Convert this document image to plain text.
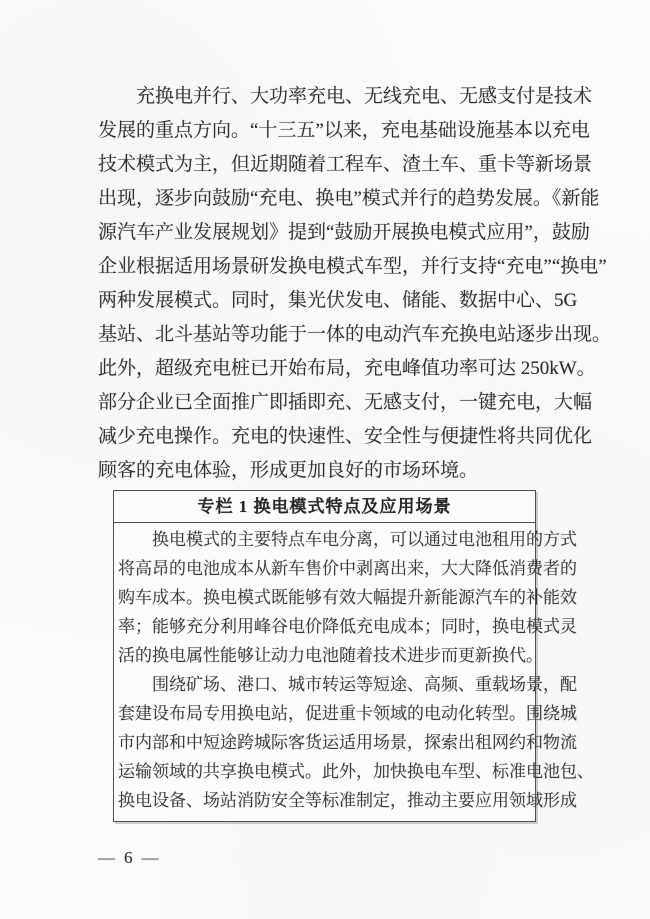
充换电并行、大功率充电、无线充电、无感支付是技术
发展的重点方向。“十三五”以来，充电基础设施基本以充电
技术模式为主，但近期随着工程车、渣土车、重卡等新场景
出现，逐步向鼓励“充电、换电”模式并行的趋势发展。《新能
源汽车产业发展规划》提到“鼓励开展换电模式应用”，鼓励
企业根据适用场景研发换电模式车型，并行支持“充电”“换电”
两种发展模式。同时，集光伏发电、储能、数据中心、5G
基站、北斗基站等功能于一体的电动汽车充换电站逐步出现。
此外，超级充电桩已开始布局，充电峰值功率可达 250kW。
部分企业已全面推广即插即充、无感支付，一键充电，大幅
减少充电操作。充电的快速性、安全性与便捷性将共同优化
顾客的充电体验，形成更加良好的市场环境。
专栏 1 换电模式特点及应用场景
换电模式的主要特点车电分离，可以通过电池租用的方式
将高昂的电池成本从新车售价中剥离出来，大大降低消费者的
购车成本。换电模式既能够有效大幅提升新能源汽车的补能效
率；能够充分利用峰谷电价降低充电成本；同时，换电模式灵
活的换电属性能够让动力电池随着技术进步而更新换代。
围绕矿场、港口、城市转运等短途、高频、重载场景，配
套建设布局专用换电站，促进重卡领域的电动化转型。围绕城
市内部和中短途跨城际客货运适用场景，探索出租网约和物流
运输领域的共享换电模式。此外，加快换电车型、标准电池包、
换电设备、场站消防安全等标准制定，推动主要应用领域形成
— 6 —
